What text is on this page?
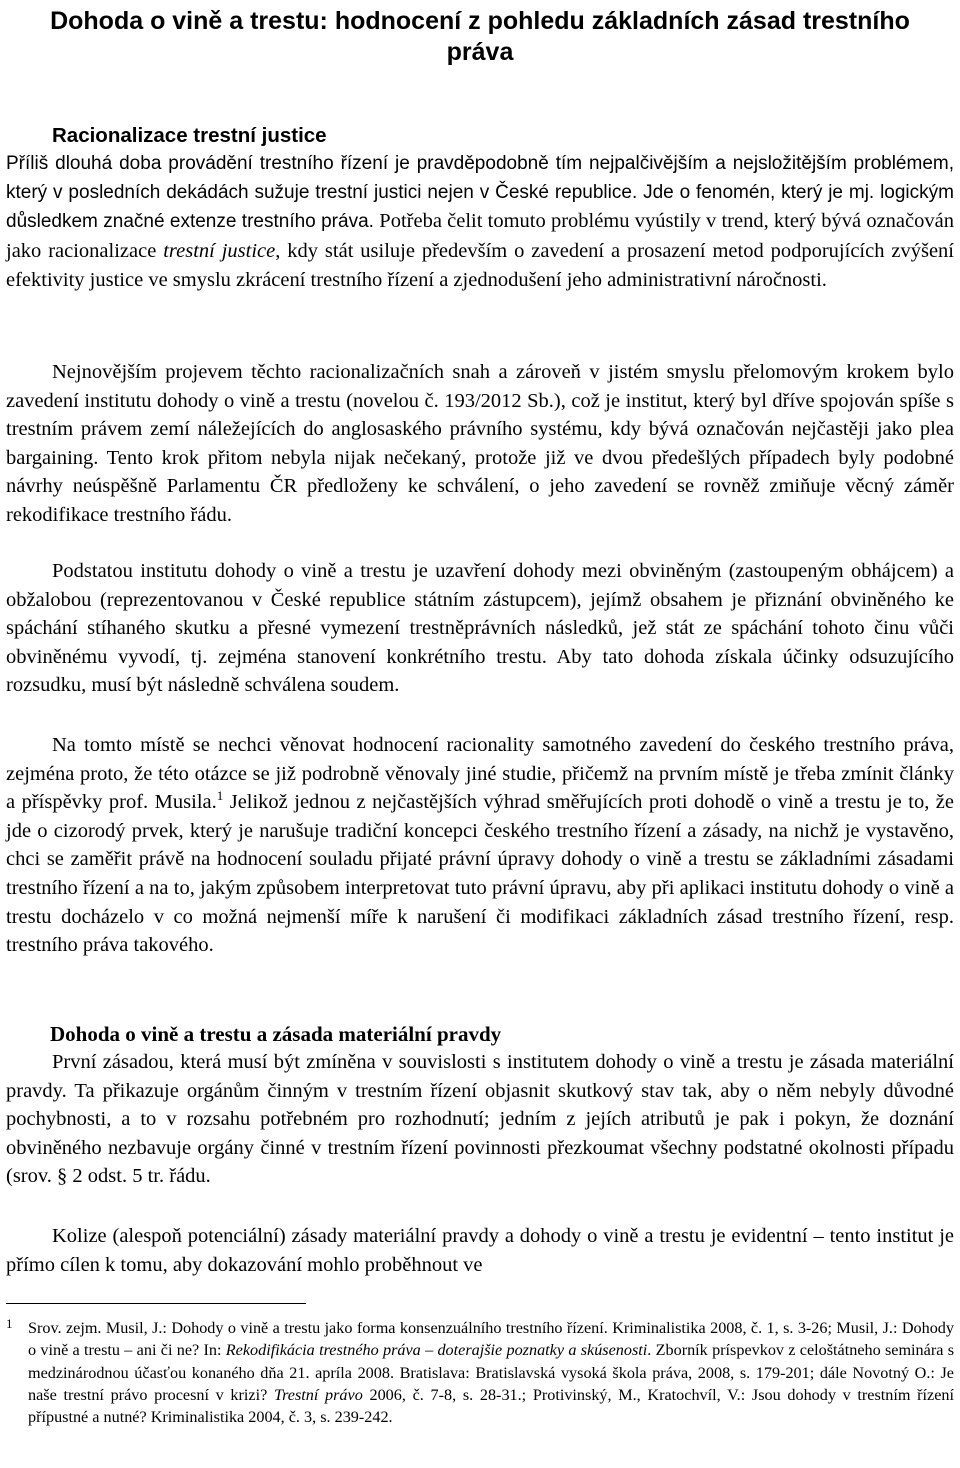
Dohoda o vině a trestu: hodnocení z pohledu základních zásad trestního práva
Racionalizace trestní justice

Příliš dlouhá doba provádění trestního řízení je pravděpodobně tím nejpalčivějším a nejsložitějším problémem, který v posledních dekádách sužuje trestní justici nejen v České republice. Jde o fenomén, který je mj. logickým důsledkem značné extenze trestního práva. Potřeba čelit tomuto problému vyústily v trend, který bývá označován jako racionalizace trestní justice, kdy stát usiluje především o zavedení a prosazení metod podporujících zvýšení efektivity justice ve smyslu zkrácení trestního řízení a zjednodušení jeho administrativní náročnosti.

Nejnovějším projevem těchto racionalizačních snah a zároveň v jistém smyslu přelomovým krokem bylo zavedení institutu dohody o vině a trestu (novelou č. 193/2012 Sb.), což je institut, který byl dříve spojován spíše s trestním právem zemí náležejících do anglosaského právního systému, kdy bývá označován nejčastěji jako plea bargaining. Tento krok přitom nebyla nijak nečekaný, protože již ve dvou předešlých případech byly podobné návrhy neúspěšně Parlamentu ČR předloženy ke schválení, o jeho zavedení se rovněž zmiňuje věcný záměr rekodifikace trestního řádu.

Podstatou institutu dohody o vině a trestu je uzavření dohody mezi obviněným (zastoupeným obhájcem) a obžalobou (reprezentovanou v České republice státním zástupcem), jejímž obsahem je přiznání obviněného ke spáchání stíhaného skutku a přesné vymezení trestněprávních následků, jež stát ze spáchání tohoto činu vůči obviněnému vyvodí, tj. zejména stanovení konkrétního trestu. Aby tato dohoda získala účinky odsuzujícího rozsudku, musí být následně schválena soudem.

Na tomto místě se nechci věnovat hodnocení racionality samotného zavedení do českého trestního práva, zejména proto, že této otázce se již podrobně věnovaly jiné studie, přičemž na prvním místě je třeba zmínit články a příspěvky prof. Musila.$^1$ Jelikož jednou z nejčastějších výhrad směřujících proti dohodě o vině a trestu je to, že jde o cizorodý prvek, který je narušuje tradiční koncepci českého trestního řízení a zásady, na nichž je vystavěno, chci se zaměřit právě na hodnocení souladu přijaté právní úpravy dohody o vině a trestu se základními zásadami trestního řízení a na to, jakým způsobem interpretovat tuto právní úpravu, aby při aplikaci institutu dohody o vině a trestu docházelo v co možná nejmenší míře k narušení či modifikaci základních zásad trestního řízení, resp. trestního práva takového.

Dohoda o vině a trestu a zásada materiální pravdy

První zásadou, která musí být zmíněna v souvislosti s institutem dohody o vině a trestu je zásada materiální pravdy. Ta přikazuje orgánům činným v trestním řízení objasnit skutkový stav tak, aby o něm nebyly důvodné pochybnosti, a to v rozsahu potřebném pro rozhodnutí; jedním z jejích atributů je pak i pokyn, že doznání obviněného nezbavuje orgány činné v trestním řízení povinnosti přezkoumat všechny podstatné okolnosti případu (srov. § 2 odst. 5 tr. řádu.

Kolize (alespoň potenciální) zásady materiální pravdy a dohody o vině a trestu je evidentní – tento institut je přímo cílen k tomu, aby dokazování mohlo proběhnout ve

1 Srov. zejm. Musil, J.: Dohody o vině a trestu jako forma konsenzuálního trestního řízení. Kriminalistika 2008, č. 1, s. 3-26; Musil, J.: Dohody o vině a trestu – ani či ne? In: Rekodifikácia trestného práva – doterajšie poznatky a skúsenosti. Zborník príspevkov z celoštátneho seminára s medzinárodnou účasťou konaného dňa 21. apríla 2008. Bratislava: Bratislavská vysoká škola práva, 2008, s. 179-201; dále Novotný O.: Je naše trestní právo procesní v krizi? Trestní právo 2006, č. 7-8, s. 28-31.; Protivinský, M., Kratochvíl, V.: Jsou dohody v trestním řízení přípustné a nutné? Kriminalistika 2004, č. 3, s. 239-242.
